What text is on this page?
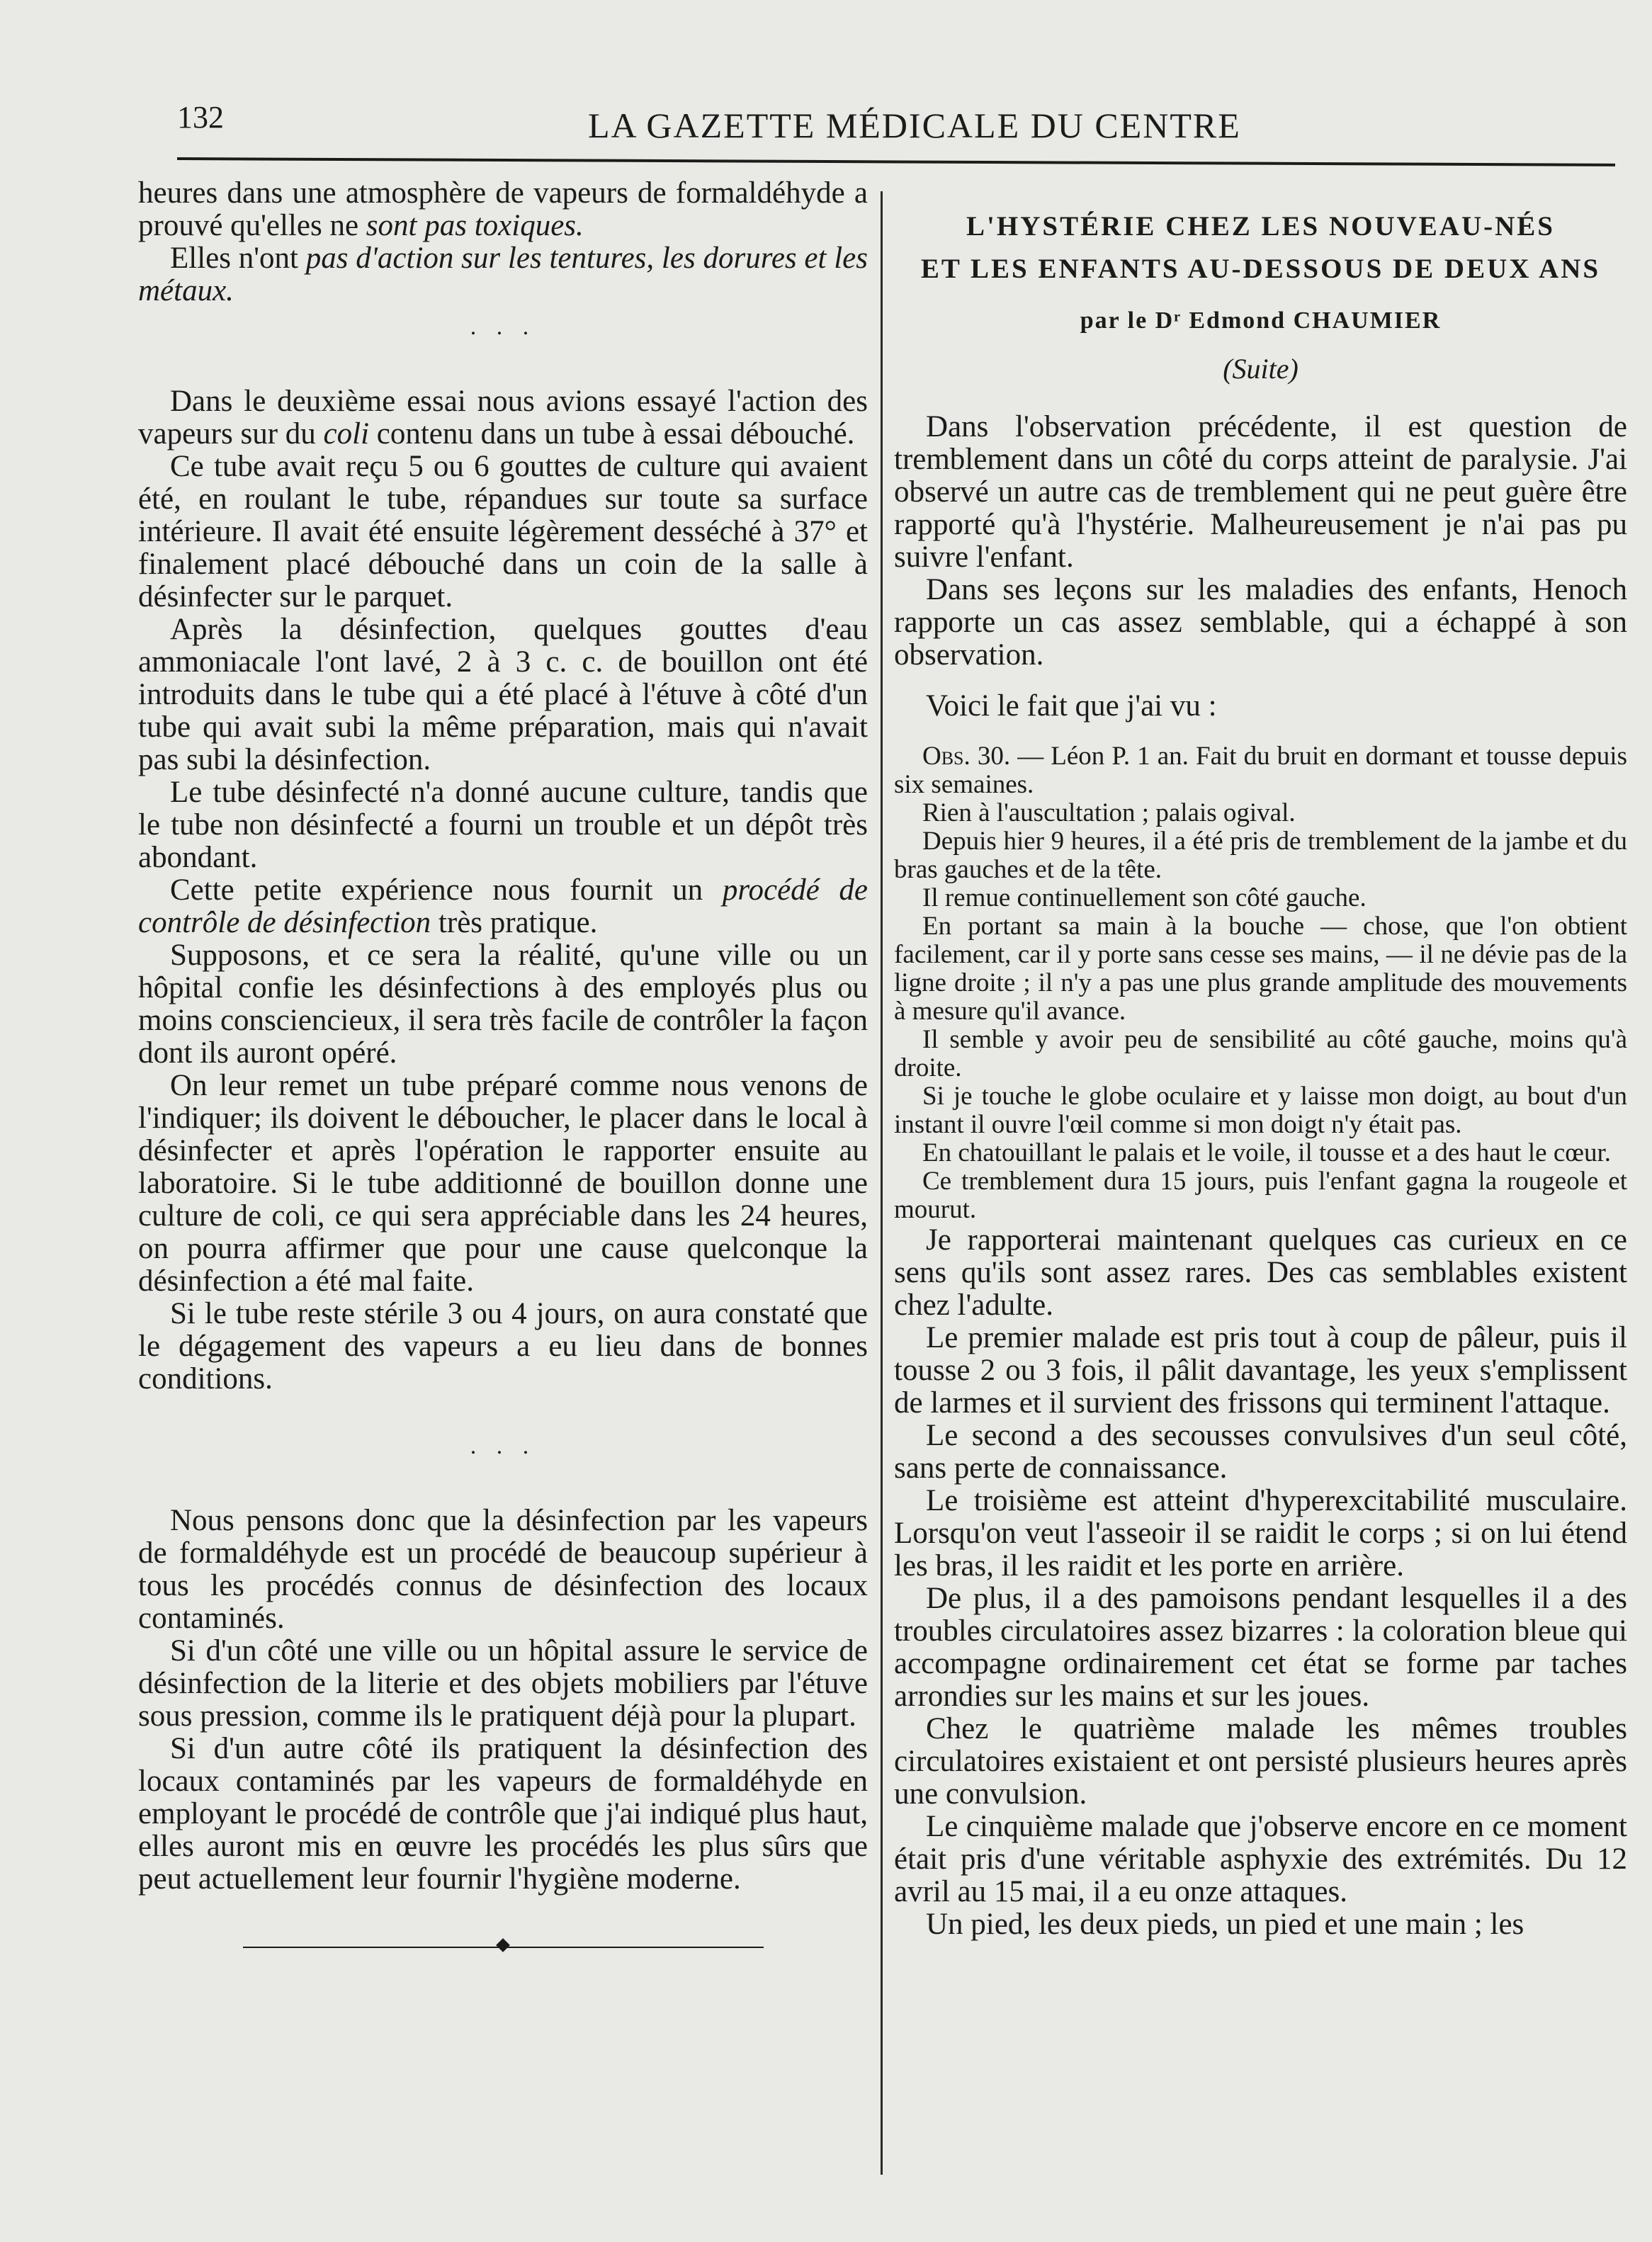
132	LA GAZETTE MÉDICALE DU CENTRE

heures dans une atmosphère de vapeurs de formaldéhyde a prouvé qu'elles ne sont pas toxiques.

Elles n'ont pas d'action sur les tentures, les dorures et les métaux.

. . .

Dans le deuxième essai nous avions essayé l'action des vapeurs sur du coli contenu dans un tube à essai débouché.

Ce tube avait reçu 5 ou 6 gouttes de culture qui avaient été, en roulant le tube, répandues sur toute sa surface intérieure. Il avait été ensuite légèrement desséché à 37° et finalement placé débouché dans un coin de la salle à désinfecter sur le parquet.

Après la désinfection, quelques gouttes d'eau ammoniacale l'ont lavé, 2 à 3 c. c. de bouillon ont été introduits dans le tube qui a été placé à l'étuve à côté d'un tube qui avait subi la même préparation, mais qui n'avait pas subi la désinfection.

Le tube désinfecté n'a donné aucune culture, tandis que le tube non désinfecté a fourni un trouble et un dépôt très abondant.

Cette petite expérience nous fournit un procédé de contrôle de désinfection très pratique.

Supposons, et ce sera la réalité, qu'une ville ou un hôpital confie les désinfections à des employés plus ou moins consciencieux, il sera très facile de contrôler la façon dont ils auront opéré.

On leur remet un tube préparé comme nous venons de l'indiquer; ils doivent le déboucher, le placer dans le local à désinfecter et après l'opération le rapporter ensuite au laboratoire. Si le tube additionné de bouillon donne une culture de coli, ce qui sera appréciable dans les 24 heures, on pourra affirmer que pour une cause quelconque la désinfection a été mal faite.

Si le tube reste stérile 3 ou 4 jours, on aura constaté que le dégagement des vapeurs a eu lieu dans de bonnes conditions.

. . .

Nous pensons donc que la désinfection par les vapeurs de formaldéhyde est un procédé de beaucoup supérieur à tous les procédés connus de désinfection des locaux contaminés.

Si d'un côté une ville ou un hôpital assure le service de désinfection de la literie et des objets mobiliers par l'étuve sous pression, comme ils le pratiquent déjà pour la plupart.

Si d'un autre côté ils pratiquent la désinfection des locaux contaminés par les vapeurs de formaldéhyde en employant le procédé de contrôle que j'ai indiqué plus haut, elles auront mis en œuvre les procédés les plus sûrs que peut actuellement leur fournir l'hygiène moderne.

L'HYSTÉRIE CHEZ LES NOUVEAU-NÉS
ET LES ENFANTS AU-DESSOUS DE DEUX ANS
par le Dʳ Edmond CHAUMIER
(Suite)

Dans l'observation précédente, il est question de tremblement dans un côté du corps atteint de paralysie. J'ai observé un autre cas de tremblement qui ne peut guère être rapporté qu'à l'hystérie. Malheureusement je n'ai pas pu suivre l'enfant.

Dans ses leçons sur les maladies des enfants, Henoch rapporte un cas assez semblable, qui a échappé à son observation.

Voici le fait que j'ai vu :

Obs. 30. — Léon P. 1 an. Fait du bruit en dormant et tousse depuis six semaines.

Rien à l'auscultation ; palais ogival.

Depuis hier 9 heures, il a été pris de tremblement de la jambe et du bras gauches et de la tête.

Il remue continuellement son côté gauche.

En portant sa main à la bouche — chose, que l'on obtient facilement, car il y porte sans cesse ses mains, — il ne dévie pas de la ligne droite ; il n'y a pas une plus grande amplitude des mouvements à mesure qu'il avance.

Il semble y avoir peu de sensibilité au côté gauche, moins qu'à droite.

Si je touche le globe oculaire et y laisse mon doigt, au bout d'un instant il ouvre l'œil comme si mon doigt n'y était pas.

En chatouillant le palais et le voile, il tousse et a des haut le cœur.

Ce tremblement dura 15 jours, puis l'enfant gagna la rougeole et mourut.

Je rapporterai maintenant quelques cas curieux en ce sens qu'ils sont assez rares. Des cas semblables existent chez l'adulte.

Le premier malade est pris tout à coup de pâleur, puis il tousse 2 ou 3 fois, il pâlit davantage, les yeux s'emplissent de larmes et il survient des frissons qui terminent l'attaque.

Le second a des secousses convulsives d'un seul côté, sans perte de connaissance.

Le troisième est atteint d'hyperexcitabilité musculaire. Lorsqu'on veut l'asseoir il se raidit le corps ; si on lui étend les bras, il les raidit et les porte en arrière.

De plus, il a des pamoisons pendant lesquelles il a des troubles circulatoires assez bizarres : la coloration bleue qui accompagne ordinairement cet état se forme par taches arrondies sur les mains et sur les joues.

Chez le quatrième malade les mêmes troubles circulatoires existaient et ont persisté plusieurs heures après une convulsion.

Le cinquième malade que j'observe encore en ce moment était pris d'une véritable asphyxie des extrémités. Du 12 avril au 15 mai, il a eu onze attaques.

Un pied, les deux pieds, un pied et une main ; les
